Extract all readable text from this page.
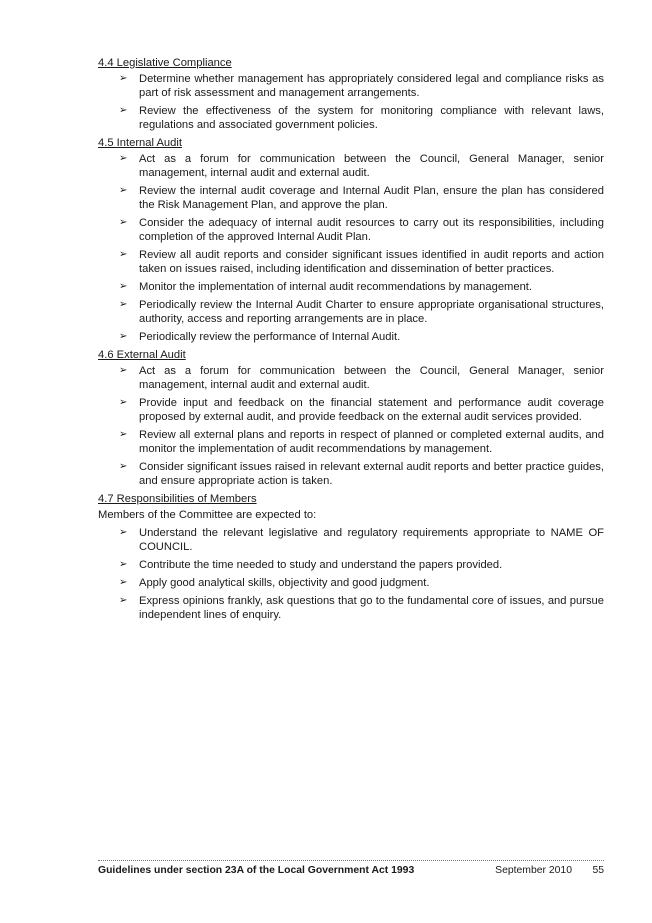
4.4 Legislative Compliance
➢ Determine whether management has appropriately considered legal and compliance risks as part of risk assessment and management arrangements.
➢ Review the effectiveness of the system for monitoring compliance with relevant laws, regulations and associated government policies.
4.5 Internal Audit
➢ Act as a forum for communication between the Council, General Manager, senior management, internal audit and external audit.
➢ Review the internal audit coverage and Internal Audit Plan, ensure the plan has considered the Risk Management Plan, and approve the plan.
➢ Consider the adequacy of internal audit resources to carry out its responsibilities, including completion of the approved Internal Audit Plan.
➢ Review all audit reports and consider significant issues identified in audit reports and action taken on issues raised, including identification and dissemination of better practices.
➢ Monitor the implementation of internal audit recommendations by management.
➢ Periodically review the Internal Audit Charter to ensure appropriate organisational structures, authority, access and reporting arrangements are in place.
➢ Periodically review the performance of Internal Audit.
4.6 External Audit
➢ Act as a forum for communication between the Council, General Manager, senior management, internal audit and external audit.
➢ Provide input and feedback on the financial statement and performance audit coverage proposed by external audit, and provide feedback on the external audit services provided.
➢ Review all external plans and reports in respect of planned or completed external audits, and monitor the implementation of audit recommendations by management.
➢ Consider significant issues raised in relevant external audit reports and better practice guides, and ensure appropriate action is taken.
4.7 Responsibilities of Members
Members of the Committee are expected to:
➢ Understand the relevant legislative and regulatory requirements appropriate to NAME OF COUNCIL.
➢ Contribute the time needed to study and understand the papers provided.
➢ Apply good analytical skills, objectivity and good judgment.
➢ Express opinions frankly, ask questions that go to the fundamental core of issues, and pursue independent lines of enquiry.
Guidelines under section 23A of the Local Government Act 1993	September 2010 55
